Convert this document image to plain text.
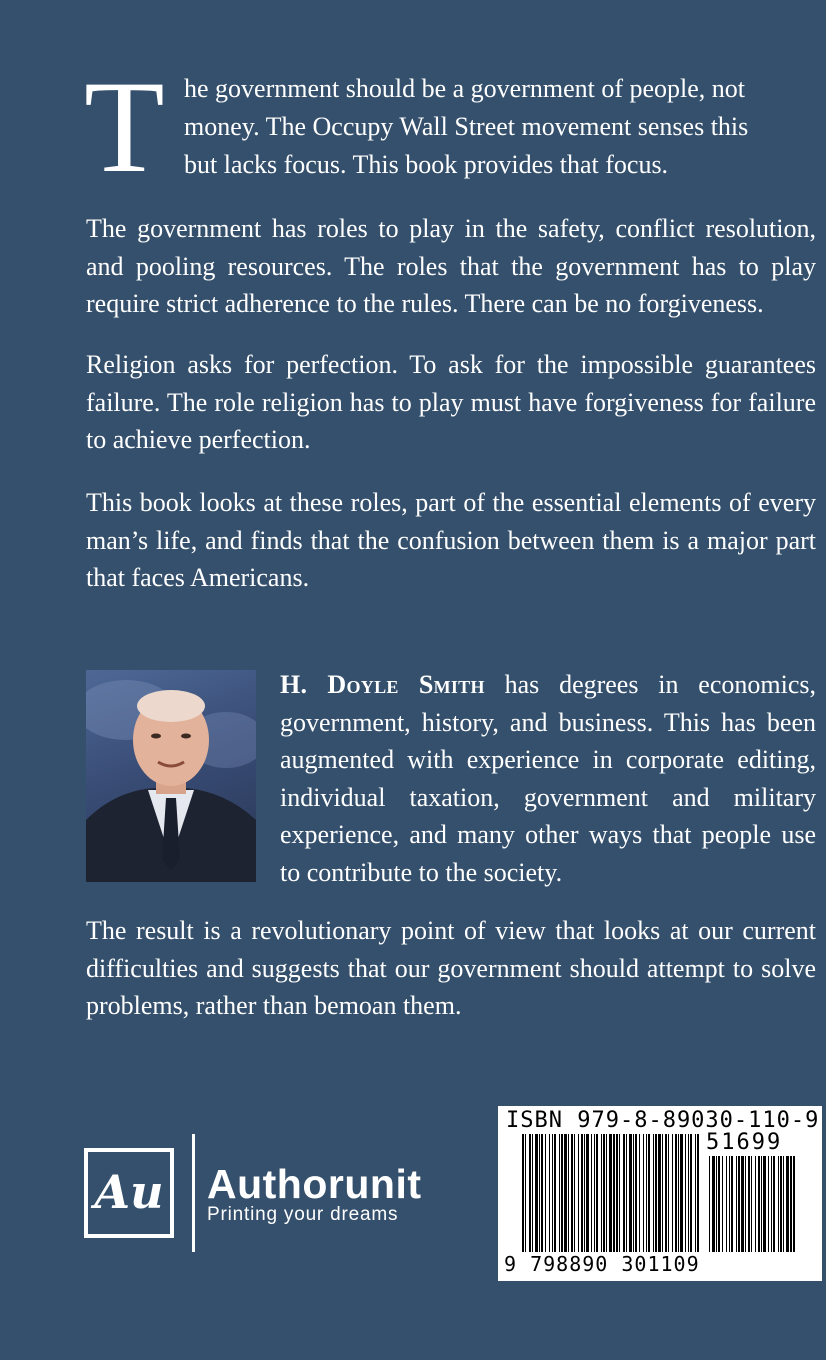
T he government should be a government of people, not
money. The Occupy Wall Street movement senses this
but lacks focus. This book provides that focus.

The government has roles to play in the safety, conflict resolution, and pooling resources. The roles that the government has to play require strict adherence to the rules. There can be no forgiveness.

Religion asks for perfection. To ask for the impossible guarantees failure. The role religion has to play must have forgiveness for failure to achieve perfection.

This book looks at these roles, part of the essential elements of every man’s life, and finds that the confusion between them is a major part that faces Americans.

H. Doyle Smith has degrees in economics, government, history, and business. This has been augmented with experience in corporate editing, individual taxation, government and military experience, and many other ways that people use to contribute to the society.

The result is a revolutionary point of view that looks at our current difficulties and suggests that our government should attempt to solve problems, rather than bemoan them.

Au Authorunit
Printing your dreams
ISBN 979-8-89030-110-9
51699
9 798890 301109
